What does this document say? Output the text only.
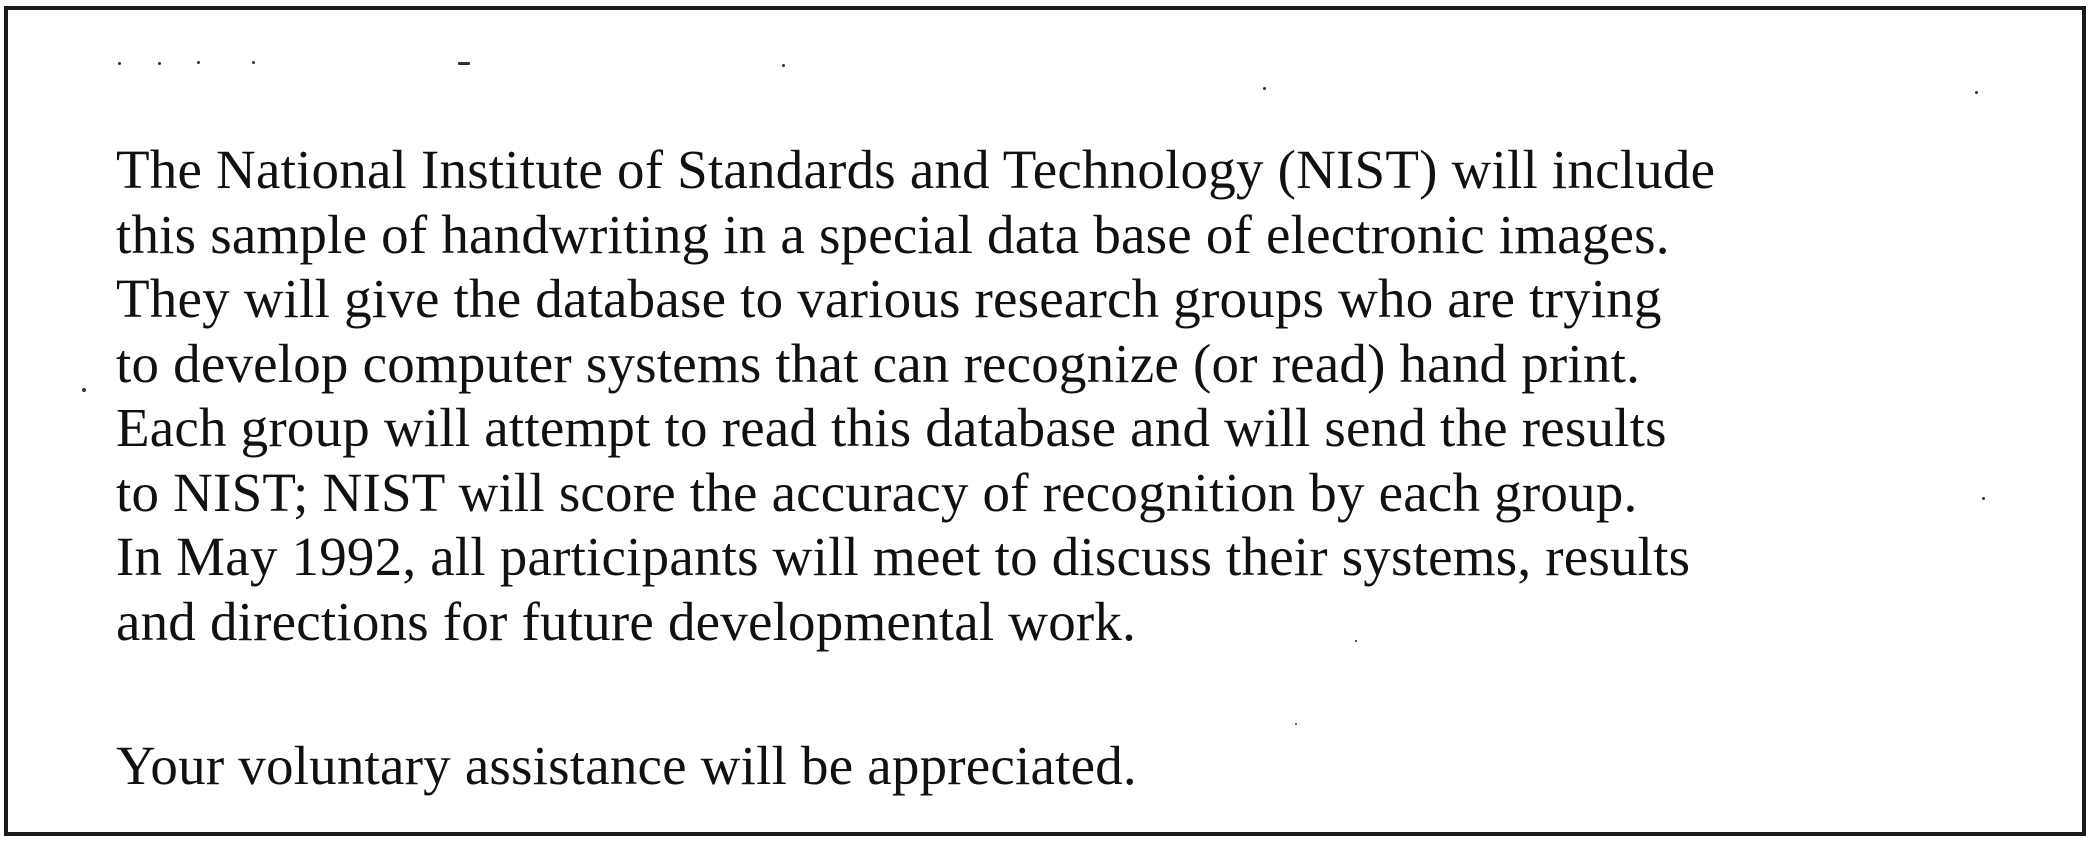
The National Institute of Standards and Technology (NIST) will include
this sample of handwriting in a special data base of electronic images.
They will give the database to various research groups who are trying
to develop computer systems that can recognize (or read) hand print.
Each group will attempt to read this database and will send the results
to NIST; NIST will score the accuracy of recognition by each group.
In May 1992, all participants will meet to discuss their systems, results
and directions for future developmental work.
Your voluntary assistance will be appreciated.
